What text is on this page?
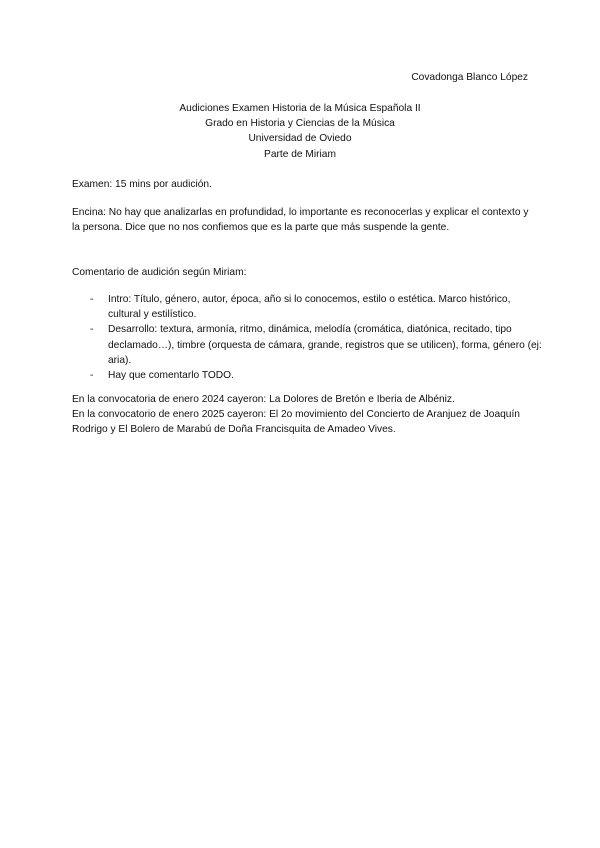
Covadonga Blanco López
Audiciones Examen Historia de la Música Española II
Grado en Historia y Ciencias de la Música
Universidad de Oviedo
Parte de Miriam
Examen: 15 mins por audición.
Encina: No hay que analizarlas en profundidad, lo importante es reconocerlas y explicar el contexto y la persona. Dice que no nos confiemos que es la parte que más suspende la gente.
Comentario de audición según Miriam:
- Intro: Título, género, autor, época, año si lo conocemos, estilo o estética. Marco histórico, cultural y estilístico.
- Desarrollo: textura, armonía, ritmo, dinámica, melodía (cromática, diatónica, recitado, tipo declamado…), timbre (orquesta de cámara, grande, registros que se utilicen), forma, género (ej: aria).
- Hay que comentarlo TODO.
En la convocatoria de enero 2024 cayeron: La Dolores de Bretón e Iberia de Albéniz.
En la convocatorio de enero 2025 cayeron: El 2o movimiento del Concierto de Aranjuez de Joaquín Rodrigo y El Bolero de Marabú de Doña Francisquita de Amadeo Vives.
